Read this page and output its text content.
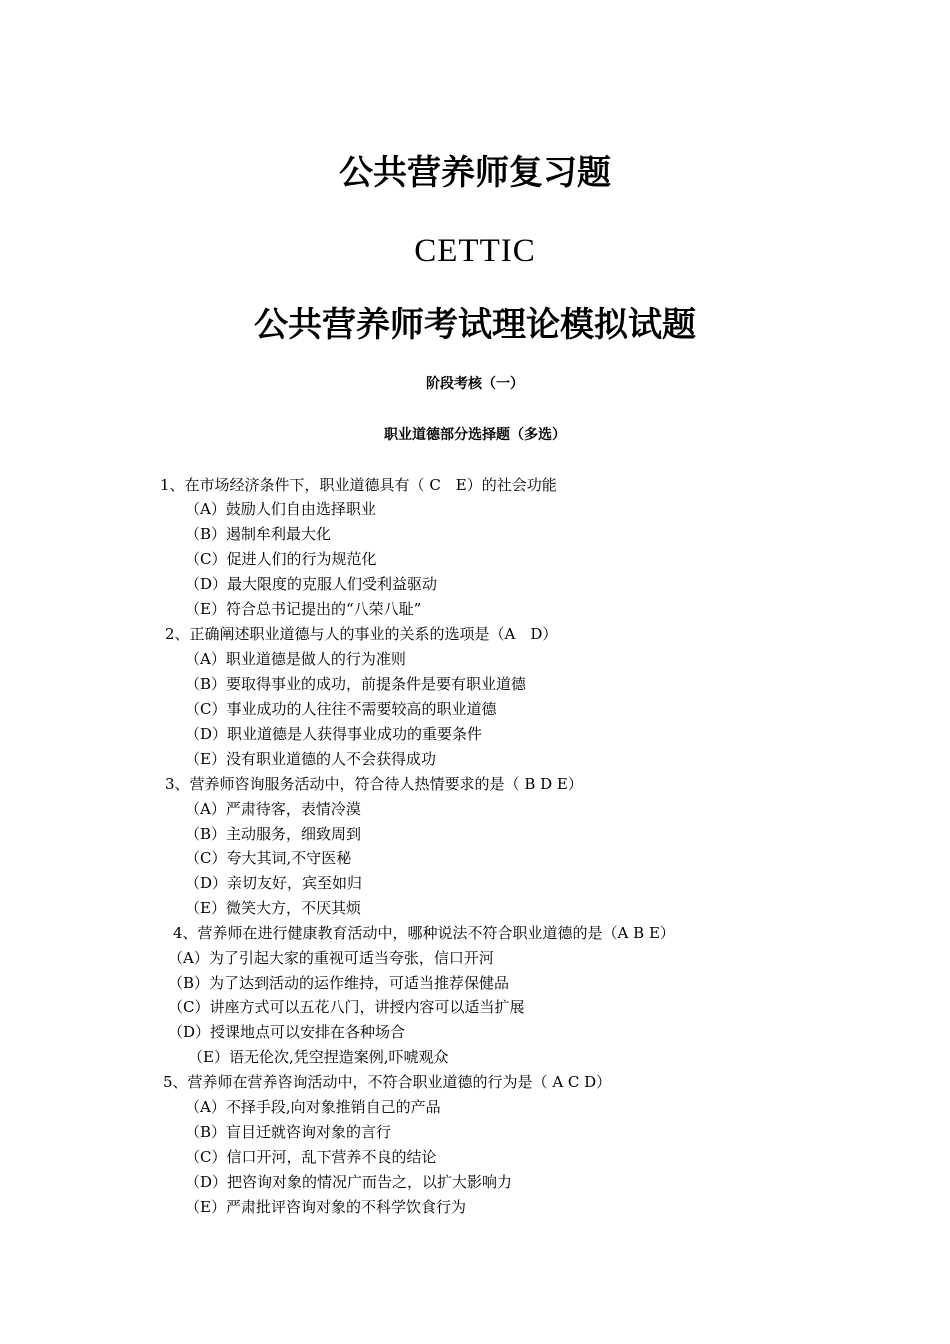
公共营养师复习题
CETTIC
公共营养师考试理论模拟试题
阶段考核（一）
职业道德部分选择题（多选）
1、在市场经济条件下，职业道德具有（ C　E）的社会功能
（A）鼓励人们自由选择职业
（B）遏制牟利最大化
（C）促进人们的行为规范化
（D）最大限度的克服人们受利益驱动
（E）符合总书记提出的“八荣八耻”
2、正确阐述职业道德与人的事业的关系的选项是（A　D）
（A）职业道德是做人的行为准则
（B）要取得事业的成功，前提条件是要有职业道德
（C）事业成功的人往往不需要较高的职业道德
（D）职业道德是人获得事业成功的重要条件
（E）没有职业道德的人不会获得成功
3、营养师咨询服务活动中，符合待人热情要求的是（ B D E）
（A）严肃待客，表情冷漠
（B）主动服务，细致周到
（C）夸大其词,不守医秘
（D）亲切友好，宾至如归
（E）微笑大方，不厌其烦
4、营养师在进行健康教育活动中，哪种说法不符合职业道德的是（A B E）
（A）为了引起大家的重视可适当夸张，信口开河
（B）为了达到活动的运作维持，可适当推荐保健品
（C）讲座方式可以五花八门，讲授内容可以适当扩展
（D）授课地点可以安排在各种场合
（E）语无伦次,凭空捏造案例,吓唬观众
5、营养师在营养咨询活动中，不符合职业道德的行为是（ A C D）
（A）不择手段,向对象推销自己的产品
（B）盲目迁就咨询对象的言行
（C）信口开河，乱下营养不良的结论
（D）把咨询对象的情况广而告之，以扩大影响力
（E）严肃批评咨询对象的不科学饮食行为
